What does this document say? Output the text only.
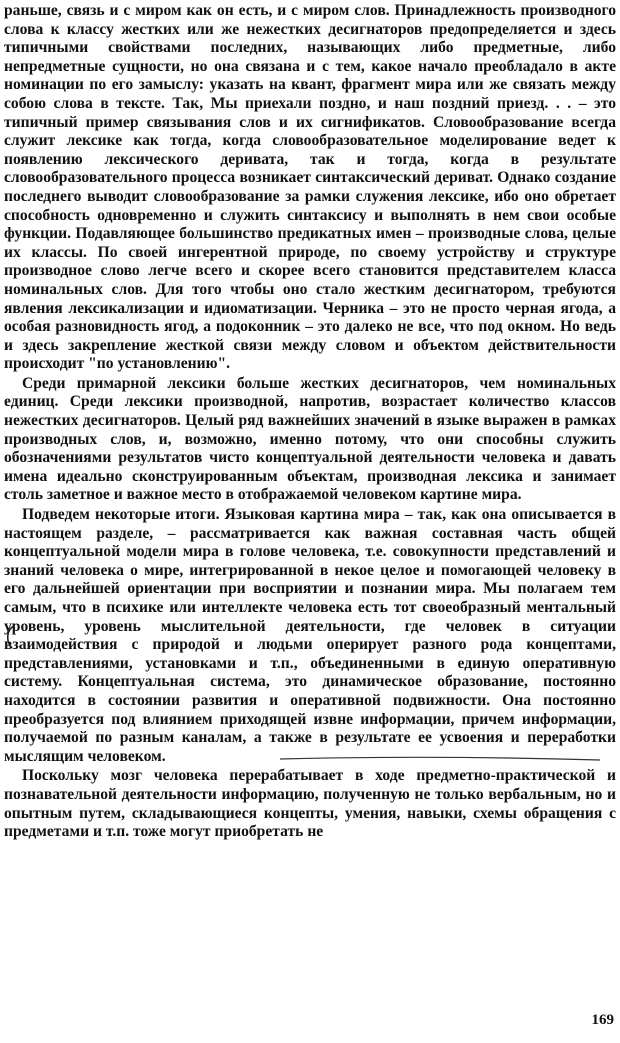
раньше, связь и с миром как он есть, и с миром слов. Принадлежность производного слова к классу жестких или же нежестких десигнаторов предопределяется и здесь типичными свойствами последних, называющих либо предметные, либо непредметные сущности, но она связана и с тем, какое начало преобладало в акте номинации по его замыслу: указать на квант, фрагмент мира или же связать между собою слова в тексте. Так, Мы приехали поздно, и наш поздний приезд. . . – это типичный пример связывания слов и их сигнификатов. Словообразование всегда служит лексике как тогда, когда словообразовательное моделирование ведет к появлению лексического деривата, так и тогда, когда в результате словообразовательного процесса возникает синтаксический дериват. Однако создание последнего выводит словообразование за рамки служения лексике, ибо оно обретает способность одновременно и служить синтаксису и выполнять в нем свои особые функции. Подавляющее большинство предикатных имен – производные слова, целые их классы. По своей ингерентной природе, по своему устройству и структуре производное слово легче всего и скорее всего становится представителем класса номинальных слов. Для того чтобы оно стало жестким десигнатором, требуются явления лексикализации и идиоматизации. Черника – это не просто черная ягода, а особая разновидность ягод, а подоконник – это далеко не все, что под окном. Но ведь и здесь закрепление жесткой связи между словом и объектом действительности происходит "по установлению".

Среди примарной лексики больше жестких десигнаторов, чем номинальных единиц. Среди лексики производной, напротив, возрастает количество классов нежестких десигнаторов. Целый ряд важнейших значений в языке выражен в рамках производных слов, и, возможно, именно потому, что они способны служить обозначениями результатов чисто концептуальной деятельности человека и давать имена идеально сконструированным объектам, производная лексика и занимает столь заметное и важное место в отображаемой человеком картине мира.

Подведем некоторые итоги. Языковая картина мира – так, как она описывается в настоящем разделе, – рассматривается как важная составная часть общей концептуальной модели мира в голове человека, т.е. совокупности представлений и знаний человека о мире, интегрированной в некое целое и помогающей человеку в его дальнейшей ориентации при восприятии и познании мира. Мы полагаем тем самым, что в психике или интеллекте человека есть тот своеобразный ментальный уровень, уровень мыслительной деятельности, где человек в ситуации взаимодействия с природой и людьми оперирует разного рода концептами, представлениями, установками и т.п., объединенными в единую оперативную систему. Концептуальная система, это динамическое образование, постоянно находится в состоянии развития и оперативной подвижности. Она постоянно преобразуется под влиянием приходящей извне информации, причем информации, получаемой по разным каналам, а также в результате ее усвоения и переработки мыслящим человеком.

Поскольку мозг человека перерабатывает в ходе предметно-практической и познавательной деятельности информацию, полученную не только вербальным, но и опытным путем, складывающиеся концепты, умения, навыки, схемы обращения с предметами и т.п. тоже могут приобретать не

169
